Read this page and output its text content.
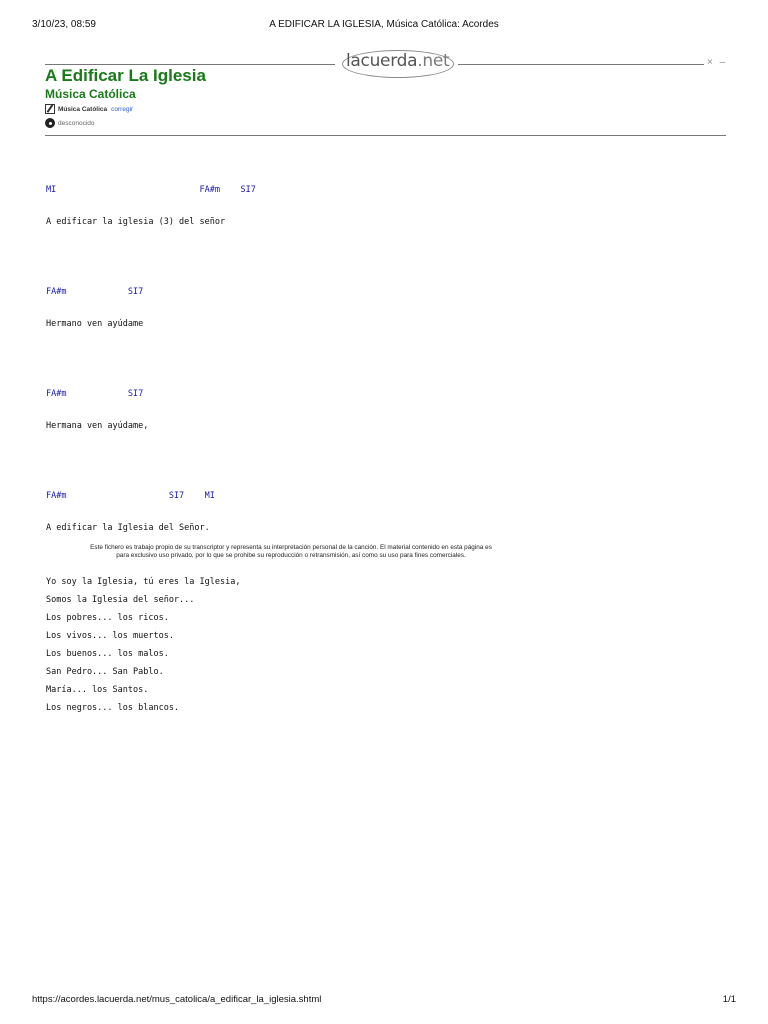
3/10/23, 08:59	A EDIFICAR LA IGLESIA, Música Católica: Acordes
lacuerda.net	× –
A Edificar La Iglesia
Música Católica
Música Católica corregir
desconocido

MI                            FA#m    SI7

A edificar la iglesia (3) del señor

FA#m            SI7

Hermano ven ayúdame

FA#m            SI7

Hermana ven ayúdame,

FA#m                    SI7    MI

A edificar la Iglesia del Señor.

Yo soy la Iglesia, tú eres la Iglesia,
Somos la Iglesia del señor...
Los pobres... los ricos.
Los vivos... los muertos.
Los buenos... los malos.
San Pedro... San Pablo.
María... los Santos.
Los negros... los blancos.
Este fichero es trabajo propio de su transcriptor y representa su interpretación personal de la canción. El material contenido en esta página es
para exclusivo uso privado, por lo que se prohibe su reproducción o retransmisión, así como su uso para fines comerciales.
https://acordes.lacuerda.net/mus_catolica/a_edificar_la_iglesia.shtml	1/1
